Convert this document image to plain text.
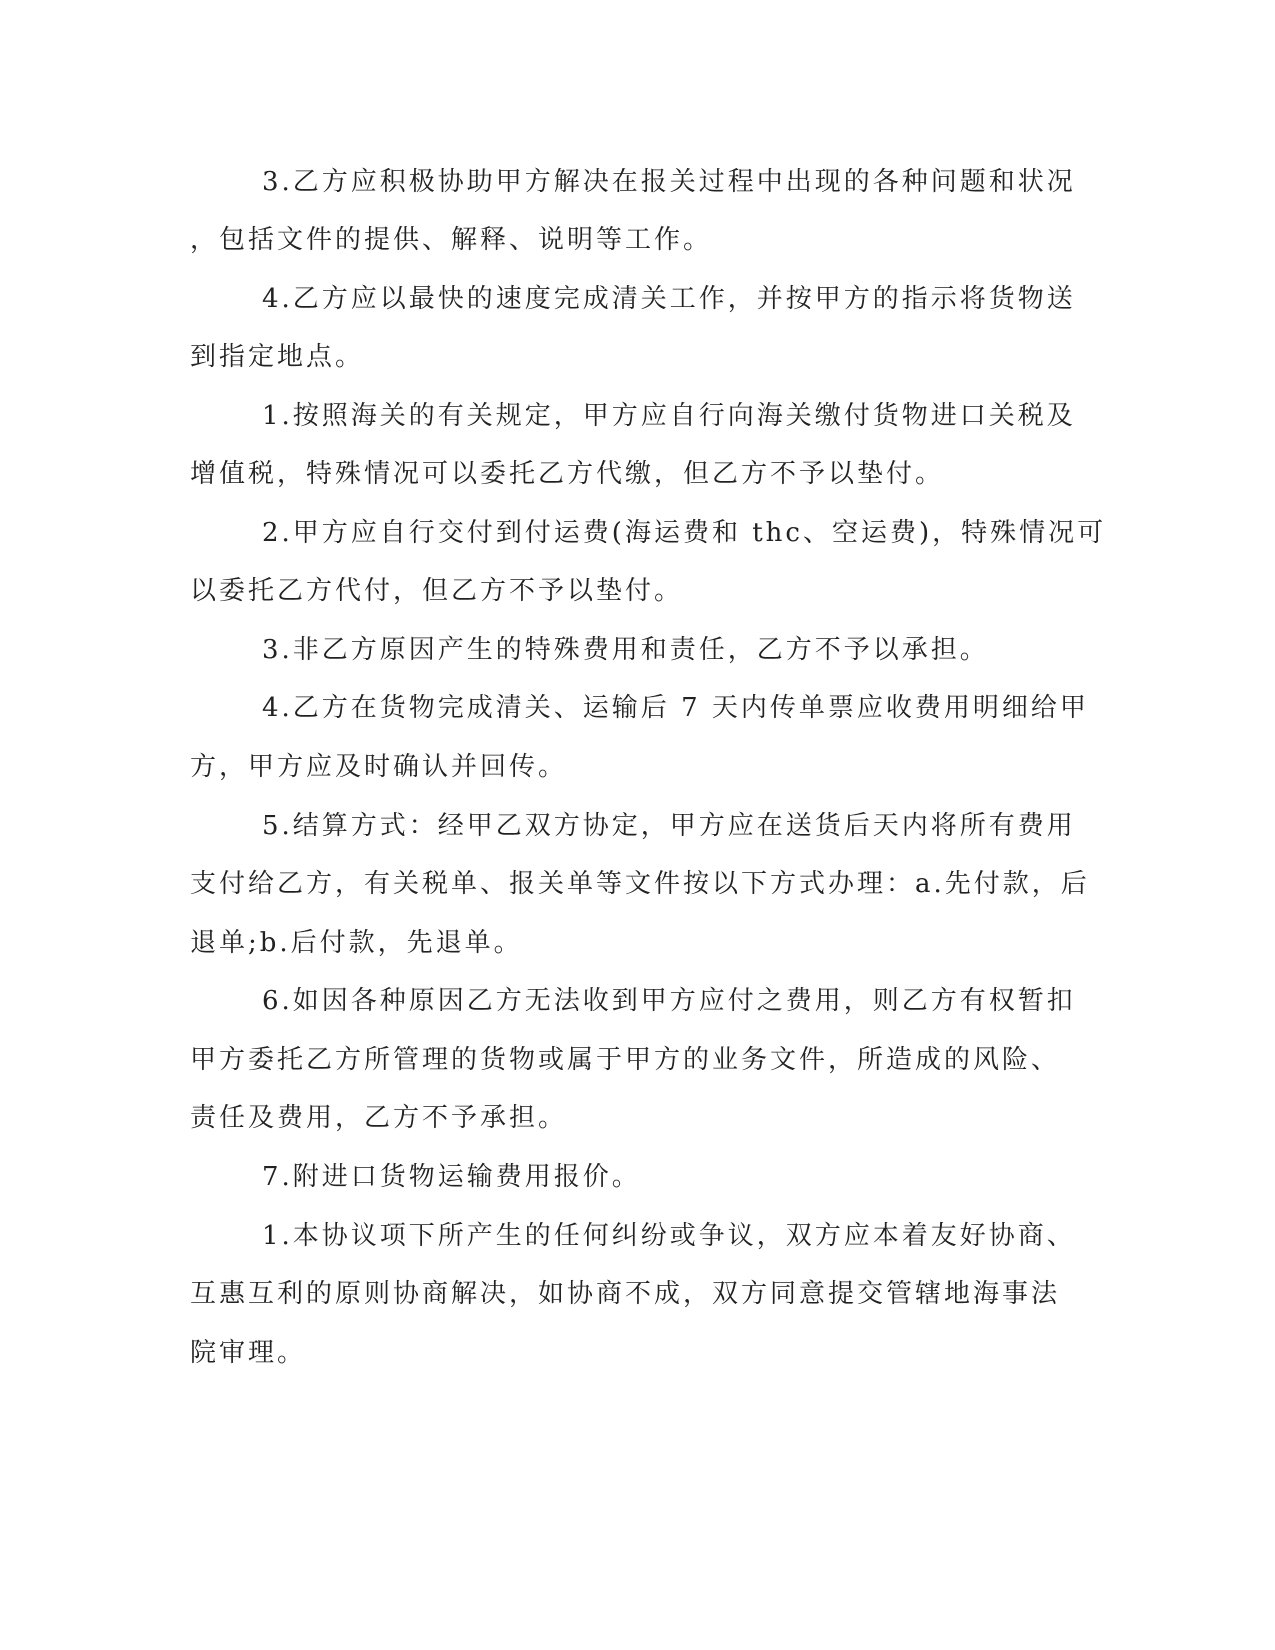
3.乙方应积极协助甲方解决在报关过程中出现的各种问题和状况
，包括文件的提供、解释、说明等工作。
4.乙方应以最快的速度完成清关工作，并按甲方的指示将货物送
到指定地点。
1.按照海关的有关规定，甲方应自行向海关缴付货物进口关税及
增值税，特殊情况可以委托乙方代缴，但乙方不予以垫付。
2.甲方应自行交付到付运费(海运费和 thc、空运费)，特殊情况可
以委托乙方代付，但乙方不予以垫付。
3.非乙方原因产生的特殊费用和责任，乙方不予以承担。
4.乙方在货物完成清关、运输后 7 天内传单票应收费用明细给甲
方，甲方应及时确认并回传。
5.结算方式：经甲乙双方协定，甲方应在送货后天内将所有费用
支付给乙方，有关税单、报关单等文件按以下方式办理：a.先付款，后
退单;b.后付款，先退单。
6.如因各种原因乙方无法收到甲方应付之费用，则乙方有权暂扣
甲方委托乙方所管理的货物或属于甲方的业务文件，所造成的风险、
责任及费用，乙方不予承担。
7.附进口货物运输费用报价。
1.本协议项下所产生的任何纠纷或争议，双方应本着友好协商、
互惠互利的原则协商解决，如协商不成，双方同意提交管辖地海事法
院审理。
